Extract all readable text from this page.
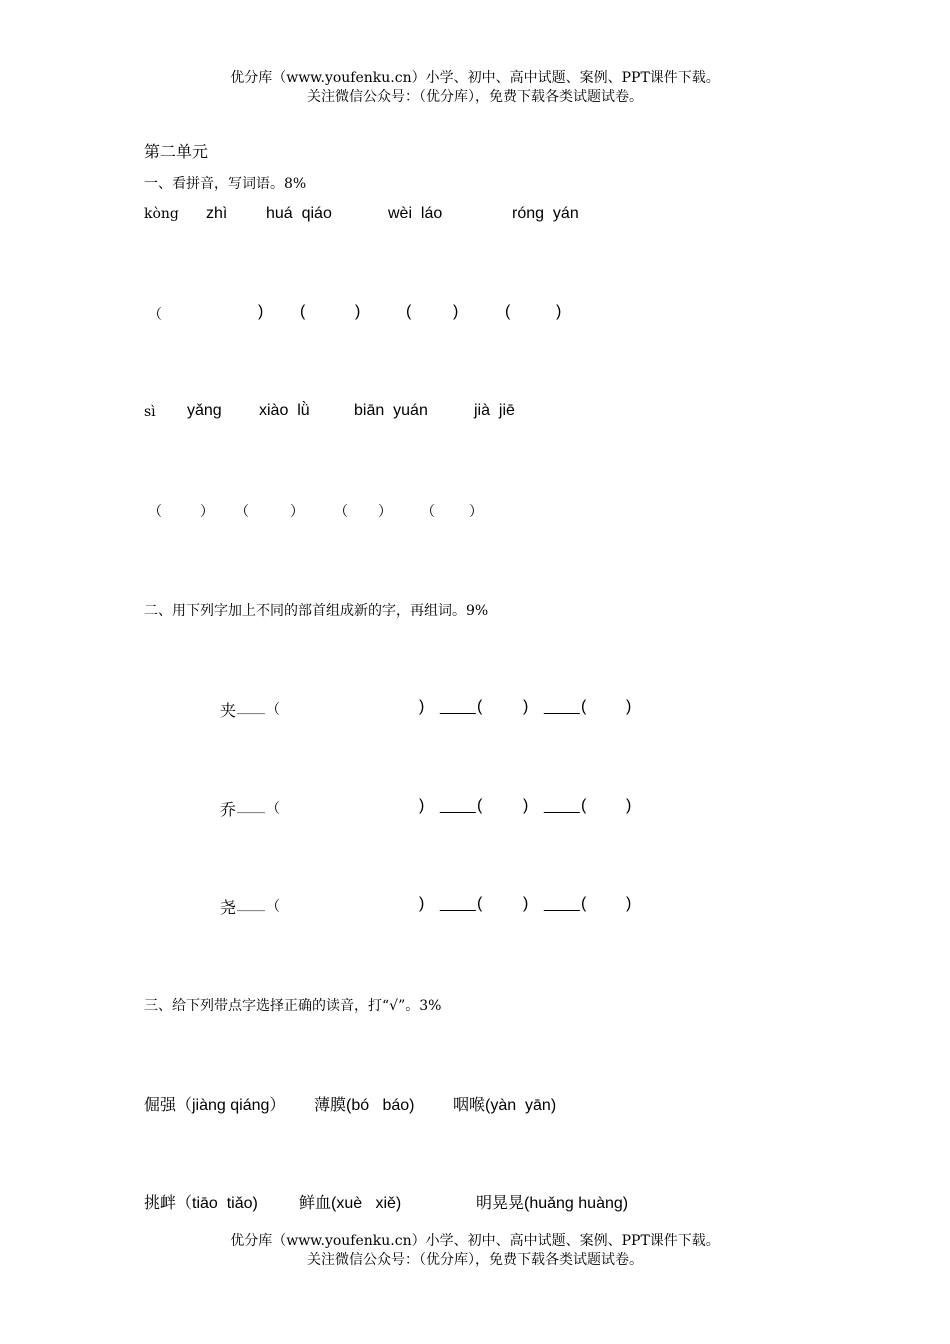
优分库（www.youfenku.cn）小学、初中、高中试题、案例、PPT课件下载。
关注微信公众号：（优分库），免费下载各类试题试卷。
第二单元
一、看拼音，写词语。8%
kòng zhì huá  qiáo	wèi  láo	róng  yán
（	) (	)	(	)	(	)
sì yǎng xiào  lǜ	biān  yuán	jià  jiē
（	） （	） （ ） （ ）
二、用下列字加上不同的部首组成新的字，再组词。9%
夹 ____ （	) ____ (	) ____ ( )
乔 ____ （	) ____ (	) ____ ( )
尧 ____ （	) ____ (	) ____ ( )
三、给下列带点字选择正确的读音，打“√”。3%
倔强（jiàng qiáng） 薄膜(bó   báo) 咽喉(yàn  yān)
挑衅（tiāo  tiǎo)	鲜血(xuè   xiě)	明晃晃(huǎng huàng)
优分库（www.youfenku.cn）小学、初中、高中试题、案例、PPT课件下载。
关注微信公众号：（优分库），免费下载各类试题试卷。
